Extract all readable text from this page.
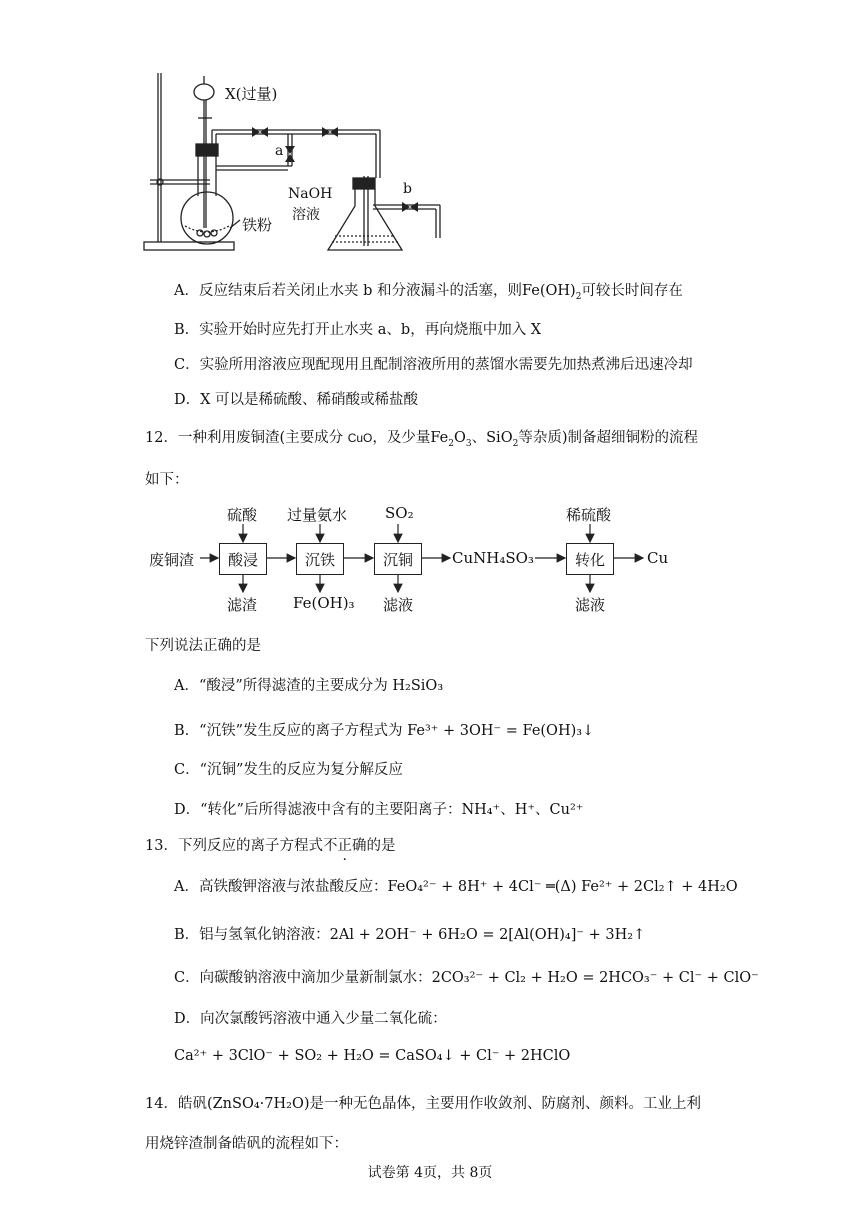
X(过量)
a
b
NaOH
溶液
铁粉
A．反应结束后若关闭止水夹 b 和分液漏斗的活塞，则$Fe(OH)_2$可较长时间存在
B．实验开始时应先打开止水夹 a、b，再向烧瓶中加入 X
C．实验所用溶液应现配现用且配制溶液所用的蒸馏水需要先加热煮沸后迅速冷却
D．X 可以是稀硫酸、稀硝酸或稀盐酸
12．一种利用废铜渣(主要成分 CuO，及少量$Fe_2O_3$、SiO$_2$等杂质)制备超细铜粉的流程
如下：
废铜渣	酸浸	沉铁	沉铜	CuNH₄SO₃	转化	Cu
硫酸 过量氨水	SO₂	稀硫酸
滤渣 Fe(OH)₃ 滤液	滤液
下列说法正确的是
A．“酸浸”所得滤渣的主要成分为 H₂SiO₃
B．“沉铁”发生反应的离子方程式为 Fe³⁺ + 3OH⁻ = Fe(OH)₃↓
C．“沉铜”发生的反应为复分解反应
D．“转化”后所得滤液中含有的主要阳离子：NH₄⁺、H⁺、Cu²⁺
13．下列反应的离子方程式不正确的是
A．高铁酸钾溶液与浓盐酸反应：FeO₄²⁻ + 8H⁺ + 4Cl⁻ ═(Δ) Fe²⁺ + 2Cl₂↑ + 4H₂O
B．铝与氢氧化钠溶液：2Al + 2OH⁻ + 6H₂O = 2[Al(OH)₄]⁻ + 3H₂↑
C．向碳酸钠溶液中滴加少量新制氯水：2CO₃²⁻ + Cl₂ + H₂O = 2HCO₃⁻ + Cl⁻ + ClO⁻
D．向次氯酸钙溶液中通入少量二氧化硫：
Ca²⁺ + 3ClO⁻ + SO₂ + H₂O = CaSO₄↓ + Cl⁻ + 2HClO
14．皓矾(ZnSO₄·7H₂O)是一种无色晶体，主要用作收敛剂、防腐剂、颜料。工业上利
用烧锌渣制备皓矾的流程如下：
试卷第 4页，共 8页
